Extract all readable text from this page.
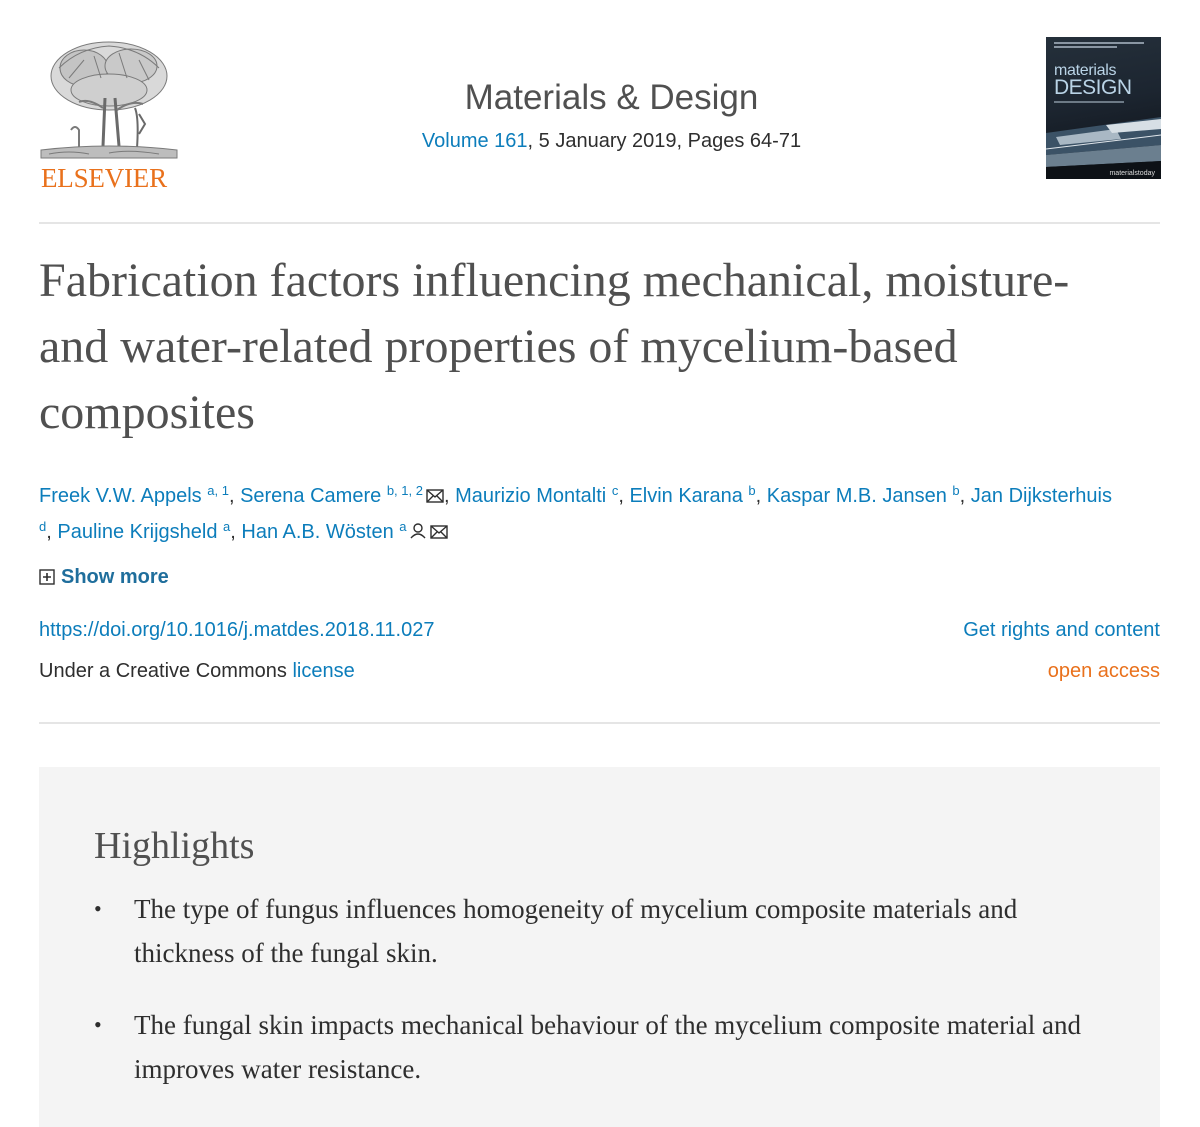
ELSEVIER
Materials & Design
Volume 161, 5 January 2019, Pages 64-71
materials
DESIGN
materialstoday
Fabrication factors influencing mechanical, moisture- and water-related properties of mycelium-based composites
Freek V.W. Appels $^{a, 1}$, Serena Camere $^{b, 1, 2}$ , Maurizio Montalti $^c$, Elvin Karana $^b$, Kaspar M.B. Jansen $^b$, Jan Dijksterhuis $^d$, Pauline Krijgsheld $^a$, Han A.B. Wösten $^a$
Show more
https://doi.org/10.1016/j.matdes.2018.11.027	Get rights and content
Under a Creative Commons license	open access
Highlights
• The type of fungus influences homogeneity of mycelium composite materials and thickness of the fungal skin.
• The fungal skin impacts mechanical behaviour of the mycelium composite material and improves water resistance.
